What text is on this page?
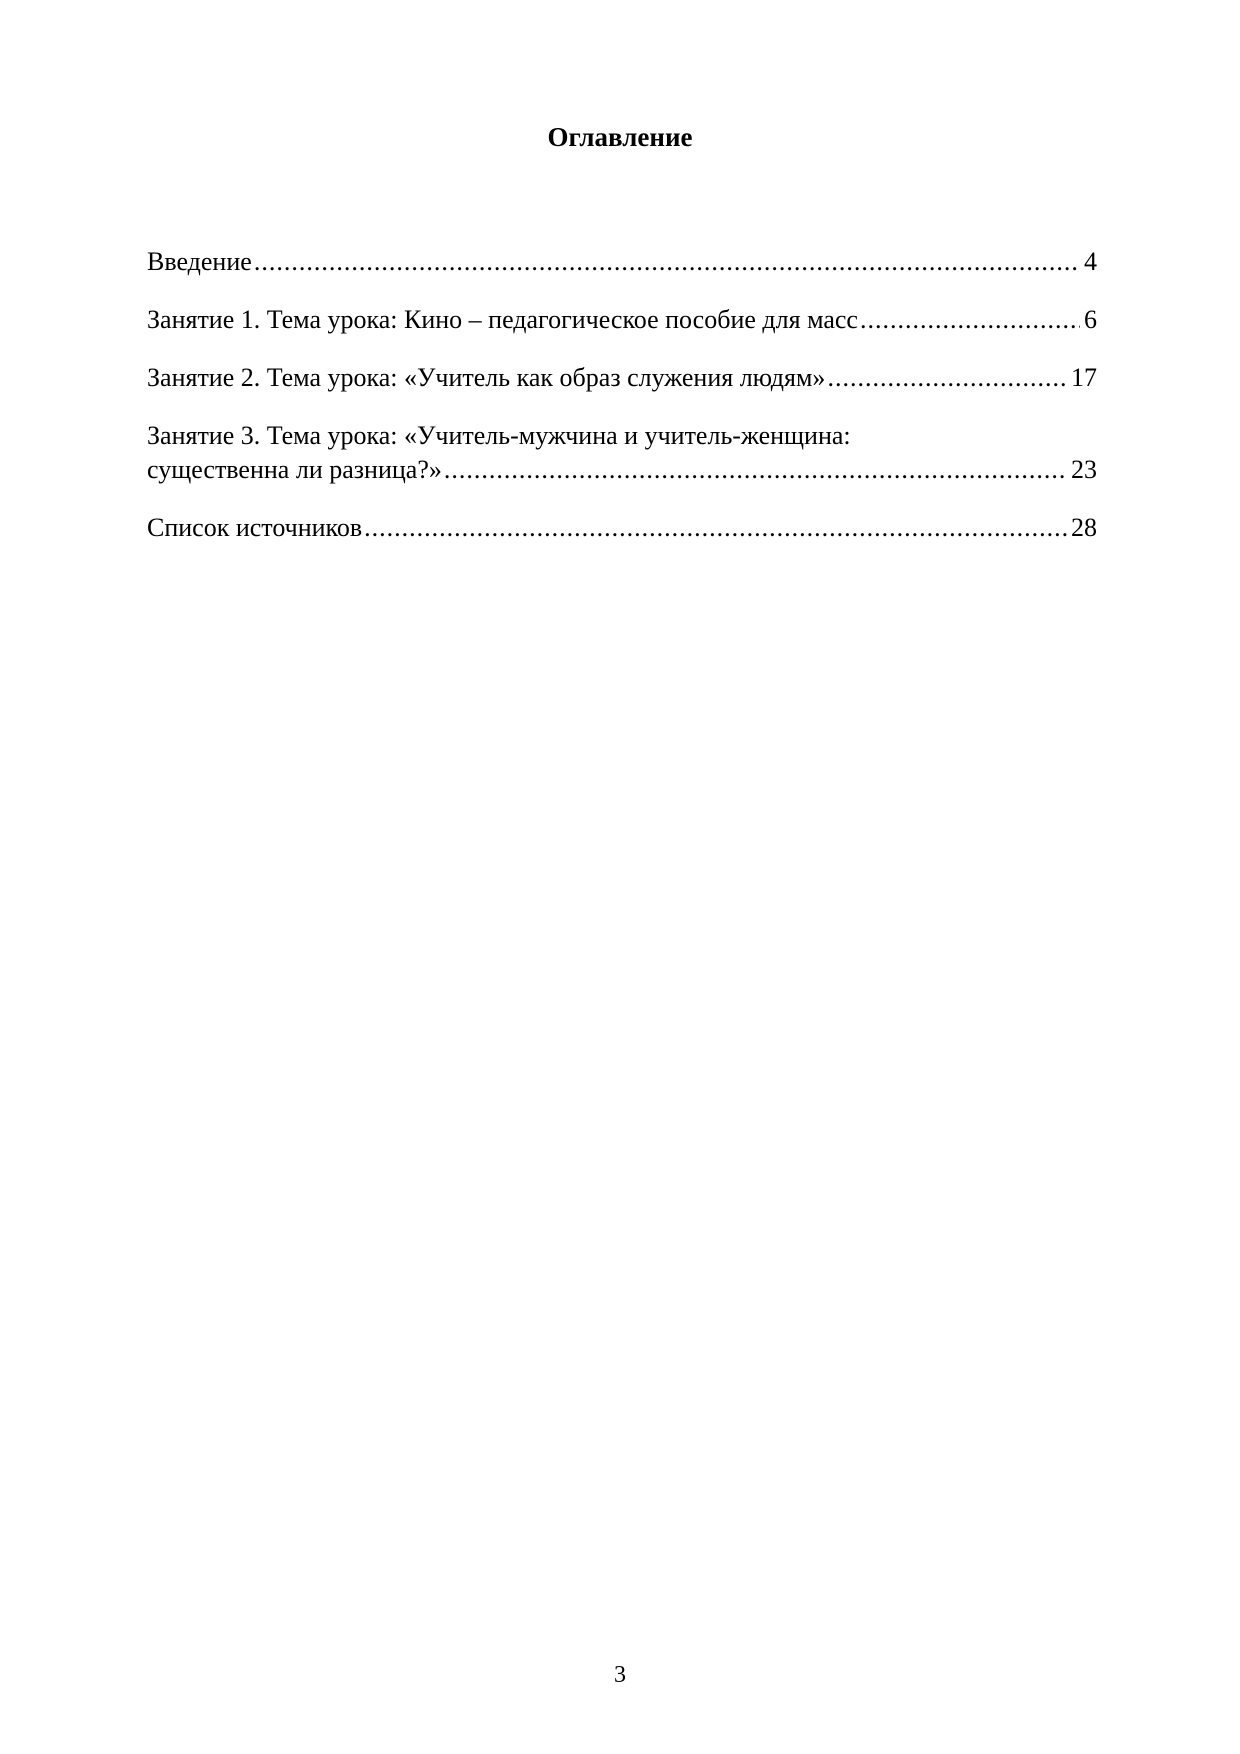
Оглавление
Введение .....	4
Занятие 1. Тема урока: Кино – педагогическое пособие для масс .....	6
Занятие 2. Тема урока: «Учитель как образ служения людям» .....	17
Занятие 3. Тема урока: «Учитель-мужчина и учитель-женщина:
существенна ли разница?» .....	23
Список источников .....	28
3
